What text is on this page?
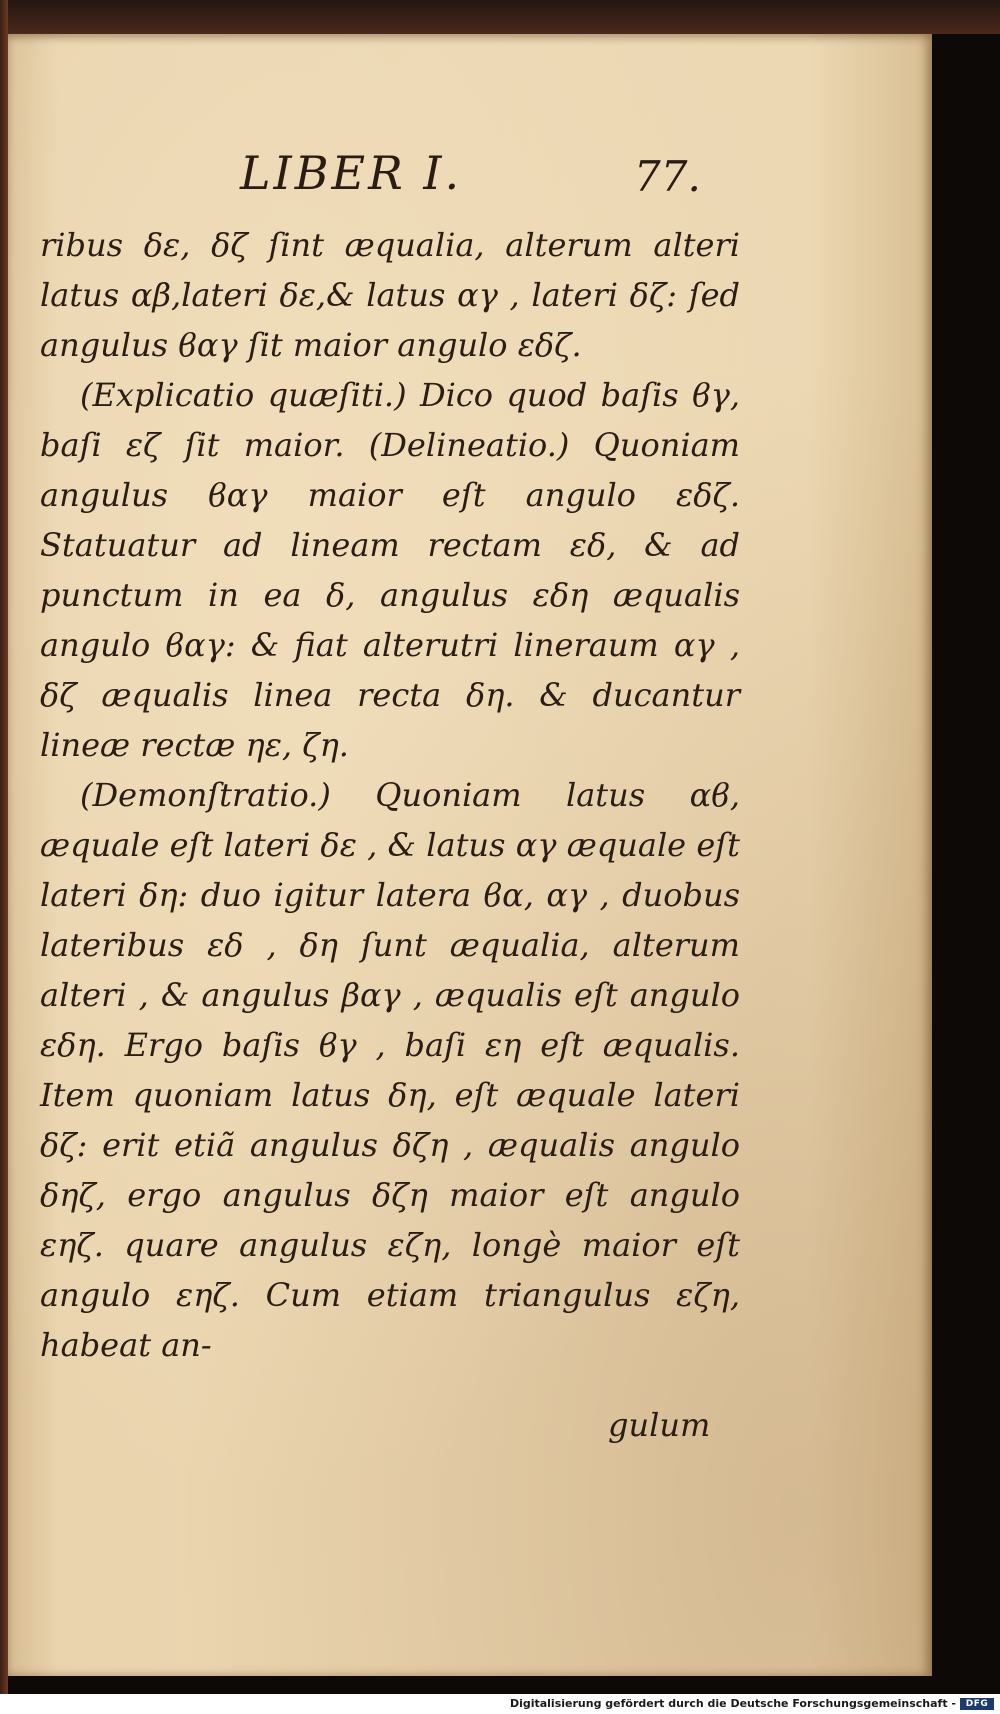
LIBER I.	77.

ribus δε, δζ ſint æqualia, alterum alteri latus αβ,lateri δε,& latus αγ , lateri δζ: ſed angulus ϐαγ ſit maior angulo εδζ.

(Explicatio quæſiti.) Dico quod baſis ϐγ, baſi εζ ſit maior. (Delineatio.) Quoniam angulus ϐαγ maior eſt angulo εδζ. Statuatur ad lineam rectam εδ, & ad punctum in ea δ, angulus εδη æqualis angulo ϐαγ: & fiat alterutri lineraum αγ , δζ æqualis linea recta δη. & ducantur lineæ rectæ ηε, ζη.

(Demonſtratio.) Quoniam latus αϐ, æquale eſt lateri δε , & latus αγ æquale eſt lateri δη: duo igitur latera ϐα, αγ , duobus lateribus εδ , δη ſunt æqualia, alterum alteri , & angulus βαγ , æqualis eſt angulo εδη. Ergo baſis ϐγ , baſi εη eſt æqualis. Item quoniam latus δη, eſt æquale lateri δζ: erit etiã angulus δζη , æqualis angulo δηζ, ergo angulus δζη maior eſt angulo εηζ. quare angulus εζη, longè maior eſt angulo εηζ. Cum etiam triangulus εζη, habeat an-

gulum
Digitalisierung gefördert durch die Deutsche Forschungsgemeinschaft -	DFG
